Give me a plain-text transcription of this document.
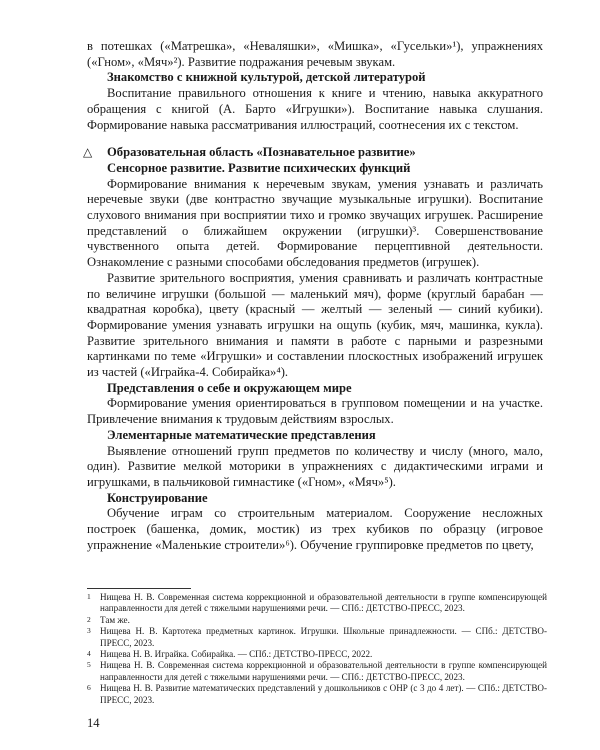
в потешках («Матрешка», «Неваляшки», «Мишка», «Гусельки»¹), упражнениях («Гном», «Мяч»²). Развитие подражания речевым звукам.

Знакомство с книжной культурой, детской литературой

Воспитание правильного отношения к книге и чтению, навыка аккуратного обращения с книгой (А. Барто «Игрушки»). Воспитание навыка слушания. Формирование навыка рассматривания иллюстраций, соотнесения их с текстом.

△ Образовательная область «Познавательное развитие»
Сенсорное развитие. Развитие психических функций

Формирование внимания к неречевым звукам, умения узнавать и различать неречевые звуки (две контрастно звучащие музыкальные игрушки). Воспитание слухового внимания при восприятии тихо и громко звучащих игрушек. Расширение представлений о ближайшем окружении (игрушки)³. Совершенствование чувственного опыта детей. Формирование перцептивной деятельности. Ознакомление с разными способами обследования предметов (игрушек).

Развитие зрительного восприятия, умения сравнивать и различать контрастные по величине игрушки (большой — маленький мяч), форме (круглый барабан — квадратная коробка), цвету (красный — желтый — зеленый — синий кубики). Формирование умения узнавать игрушки на ощупь (кубик, мяч, машинка, кукла). Развитие зрительного внимания и памяти в работе с парными и разрезными картинками по теме «Игрушки» и составлении плоскостных изображений игрушек из частей («Играйка-4. Собирайка»⁴).

Представления о себе и окружающем мире

Формирование умения ориентироваться в групповом помещении и на участке. Привлечение внимания к трудовым действиям взрослых.

Элементарные математические представления

Выявление отношений групп предметов по количеству и числу (много, мало, один). Развитие мелкой моторики в упражнениях с дидактическими играми и игрушками, в пальчиковой гимнастике («Гном», «Мяч»⁵).

Конструирование

Обучение играм со строительным материалом. Сооружение несложных построек (башенка, домик, мостик) из трех кубиков по образцу (игровое упражнение «Маленькие строители»⁶). Обучение группировке предметов по цвету,

1	Нищева Н. В. Современная система коррекционной и образовательной деятельности в группе компенсирующей направленности для детей с тяжелыми нарушениями речи. — СПб.: ДЕТСТВО-ПРЕСС, 2023.
2	Там же.
3	Нищева Н. В. Картотека предметных картинок. Игрушки. Школьные принадлежности. — СПб.: ДЕТСТВО-ПРЕСС, 2023.
4	Нищева Н. В. Играйка. Собирайка. — СПб.: ДЕТСТВО-ПРЕСС, 2022.
5	Нищева Н. В. Современная система коррекционной и образовательной деятельности в группе компенсирующей направленности для детей с тяжелыми нарушениями речи. — СПб.: ДЕТСТВО-ПРЕСС, 2023.
6	Нищева Н. В. Развитие математических представлений у дошкольников с ОНР (с 3 до 4 лет). — СПб.: ДЕТСТВО-ПРЕСС, 2023.
14
